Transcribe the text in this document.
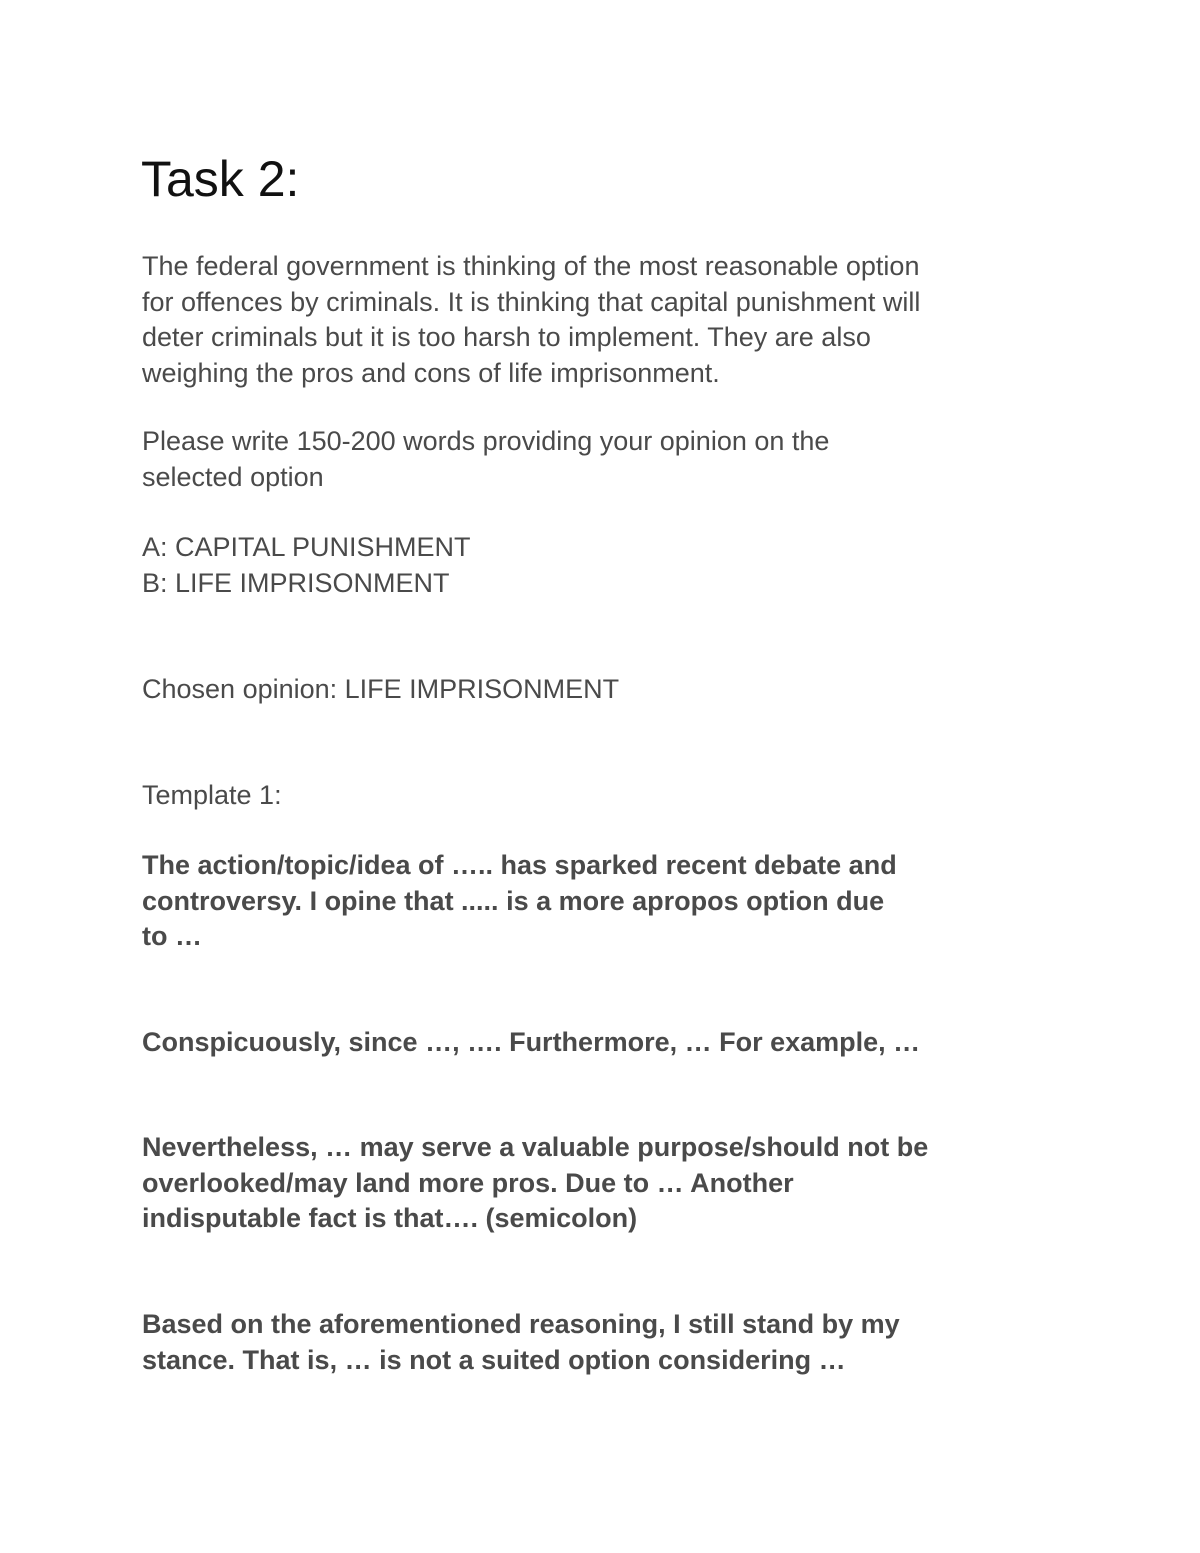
Task 2:

The federal government is thinking of the most reasonable option
for offences by criminals. It is thinking that capital punishment will
deter criminals but it is too harsh to implement. They are also
weighing the pros and cons of life imprisonment.

Please write 150-200 words providing your opinion on the
selected option

A: CAPITAL PUNISHMENT
B: LIFE IMPRISONMENT

Chosen opinion: LIFE IMPRISONMENT

Template 1:

The action/topic/idea of ….. has sparked recent debate and
controversy. I opine that ..... is a more apropos option due
to …

Conspicuously, since …, …. Furthermore, … For example, …

Nevertheless, … may serve a valuable purpose/should not be
overlooked/may land more pros. Due to … Another
indisputable fact is that…. (semicolon)

Based on the aforementioned reasoning, I still stand by my
stance. That is, … is not a suited option considering …
